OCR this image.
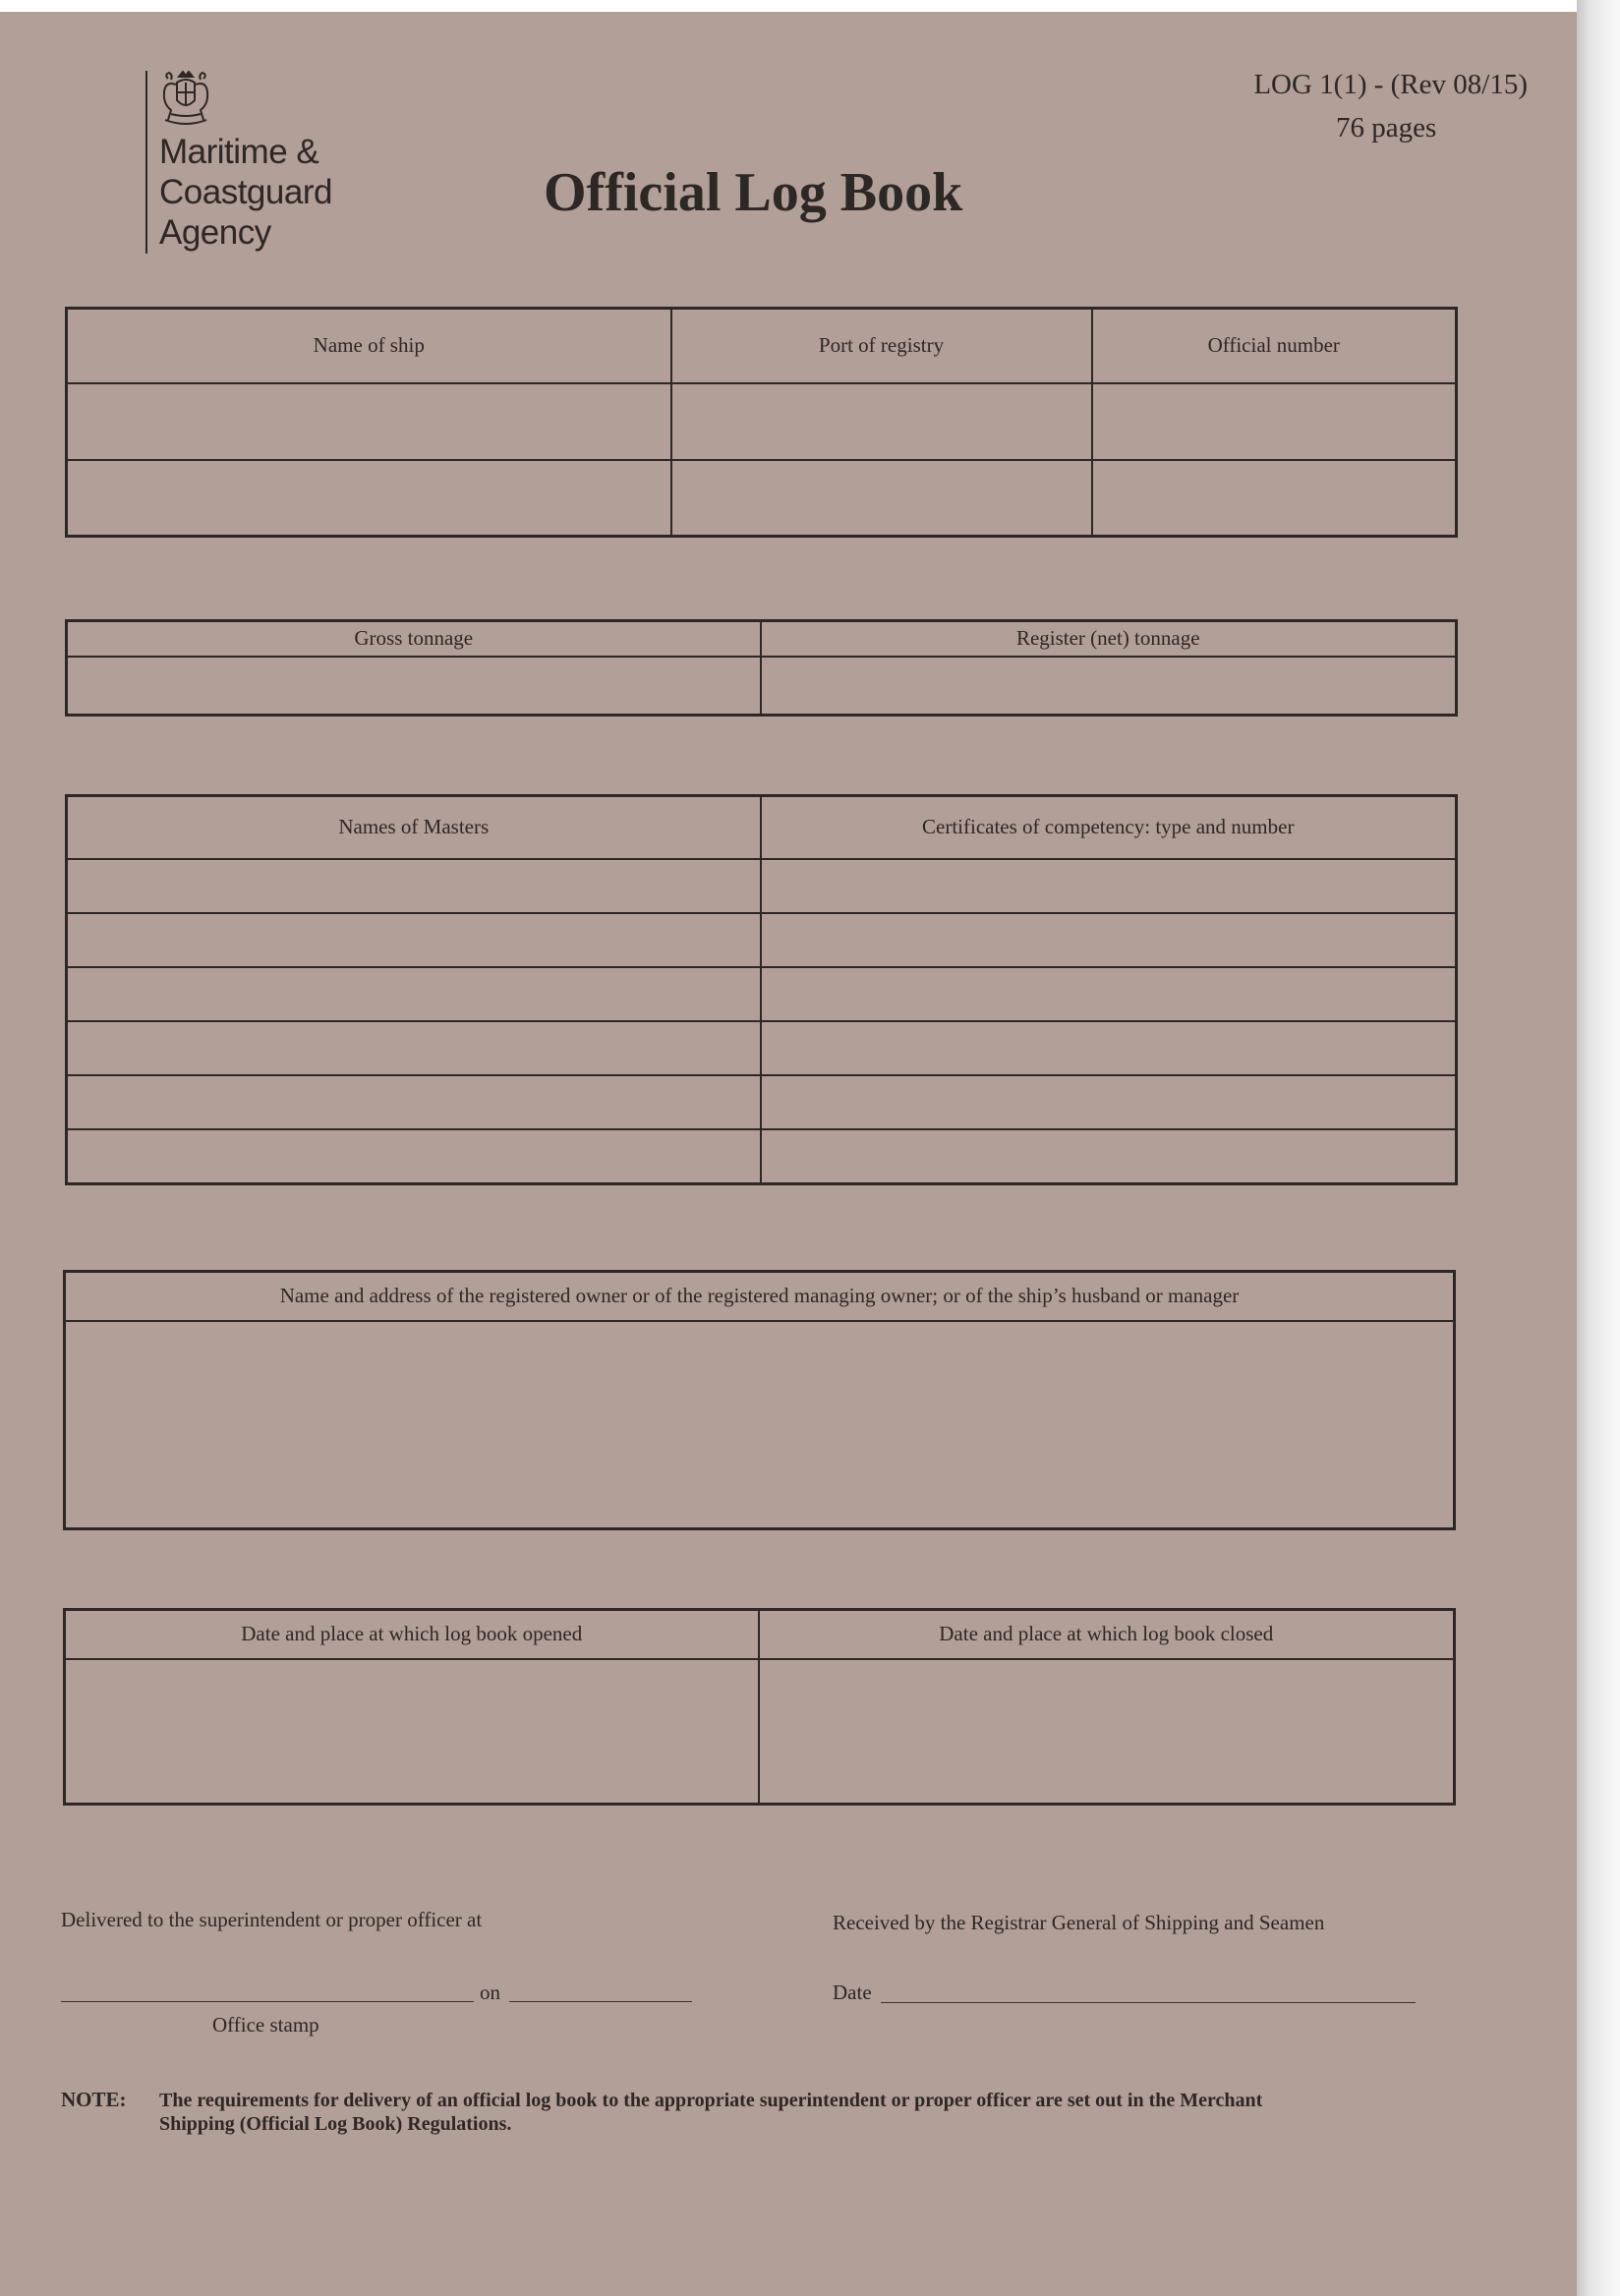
Maritime &
Coastguard
Agency
LOG 1(1) - (Rev 08/15)
76 pages
Official Log Book
Name of ship	Port of registry	Official number

Gross tonnage	Register (net) tonnage

Names of Masters	Certificates of competency: type and number

Name and address of the registered owner or of the registered managing owner; or of the ship’s husband or manager

Date and place at which log book opened	Date and place at which log book closed

Delivered to the superintendent or proper officer at	Received by the Registrar General of Shipping and Seamen
on
Office stamp
Date
NOTE: The requirements for delivery of an official log book to the appropriate superintendent or proper officer are set out in the Merchant
Shipping (Official Log Book) Regulations.
